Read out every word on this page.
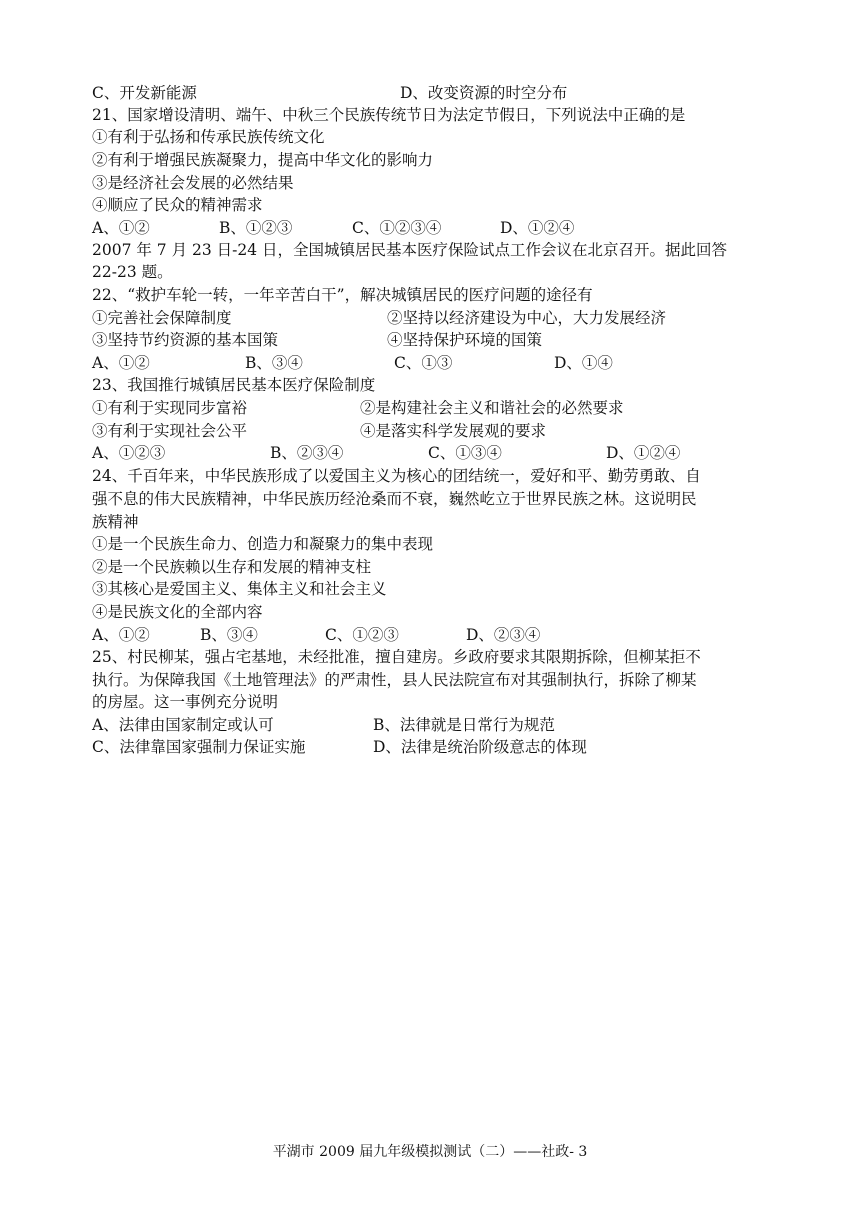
C、开发新能源	D、改变资源的时空分布
21、国家增设清明、端午、中秋三个民族传统节日为法定节假日，下列说法中正确的是
①有利于弘扬和传承民族传统文化
②有利于增强民族凝聚力，提高中华文化的影响力
③是经济社会发展的必然结果
④顺应了民众的精神需求
A、①②	B、①②③	C、①②③④	D、①②④
2007 年 7 月 23 日-24 日，全国城镇居民基本医疗保险试点工作会议在北京召开。据此回答
22-23 题。
22、“救护车轮一转，一年辛苦白干”，解决城镇居民的医疗问题的途径有
①完善社会保障制度	②坚持以经济建设为中心，大力发展经济
③坚持节约资源的基本国策	④坚持保护环境的国策
A、①②	B、③④	C、①③	D、①④
23、我国推行城镇居民基本医疗保险制度
①有利于实现同步富裕	②是构建社会主义和谐社会的必然要求
③有利于实现社会公平	④是落实科学发展观的要求
A、①②③	B、②③④	C、①③④	D、①②④
24、千百年来，中华民族形成了以爱国主义为核心的团结统一，爱好和平、勤劳勇敢、自
强不息的伟大民族精神，中华民族历经沧桑而不衰，巍然屹立于世界民族之林。这说明民
族精神
①是一个民族生命力、创造力和凝聚力的集中表现
②是一个民族赖以生存和发展的精神支柱
③其核心是爱国主义、集体主义和社会主义
④是民族文化的全部内容
A、①②	B、③④	C、①②③	D、②③④
25、村民柳某，强占宅基地，未经批准，擅自建房。乡政府要求其限期拆除，但柳某拒不
执行。为保障我国《土地管理法》的严肃性，县人民法院宣布对其强制执行，拆除了柳某
的房屋。这一事例充分说明
A、法律由国家制定或认可	B、法律就是日常行为规范
C、法律靠国家强制力保证实施	D、法律是统治阶级意志的体现
平湖市 2009 届九年级模拟测试（二）——社政- 3
